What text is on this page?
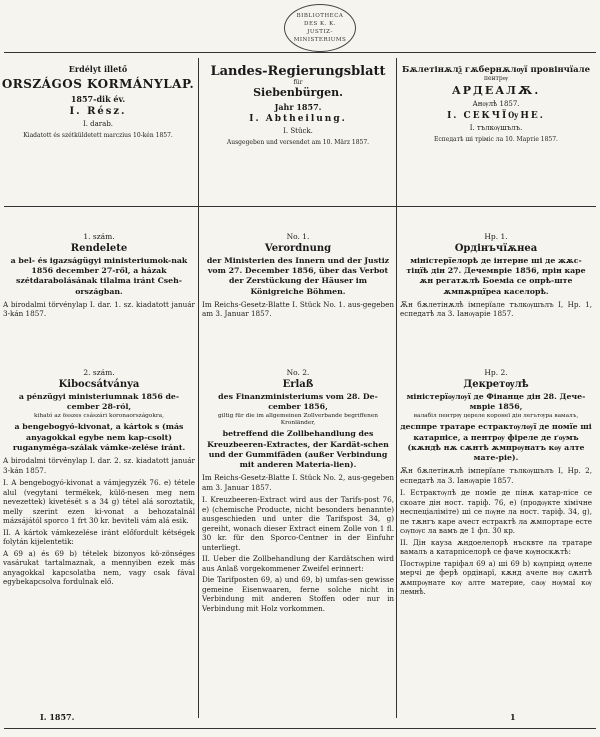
BIBLIOTHECA
DES K. K.
JUSTIZ-MINISTERIUMS
Erdélyt illető
ORSZÁGOS KORMÁNYLAP.
1857-dik év.
I. Rész.
I. darab.
Kiadatott és szétküldetett marczius 10-kén 1857.
Landes-Regierungsblatt
für
Siebenbürgen.
Jahr 1857.
I. Abtheilung.
I. Stück.
Ausgegeben und versendet am 10. März 1857.
Бѫлетінѫлѯ гѫбернѫлѹї провінчїале
пентрѹ
АРДЕАЛѪ.
Анѹлѣ 1857.
І. СЕКЧЇѸНЕ.
І. тълкѹшълъ.
Еспедатѣ ші тріміс ла 10. Мартіе 1857.
1. szám.
Rendelete
a bel- és igazságügyi ministeriumok-nak 1856 december 27-ről, a házak szétdarabolásának tilalma iránt Cseh-országban.
A birodalmi törvénylap I. dar. 1. sz. kiadatott január 3-kán 1857.
No. 1.
Verordnung
der Ministerien des Innern und der Justiz vom 27. December 1856, über das Verbot der Zerstückung der Häuser im Königreiche Böhmen.
Im Reichs-Gesetz-Blatte I. Stück No. 1. aus-gegeben am 3. Januar 1857.
Нр. 1.
Ордінъчїѫнеа
міністерїелорѣ де інтерне ші де жѫс-тіцїѣ дін 27. Дечемвріе 1856, прін каре ѫн регатѫлѣ Боеміа се опрѣ-ште ѫмпѫрцїреа каселорѣ.
Ѫн бѫлетінѫлѣ імперїале тълкѹшълъ І, Нр. 1, еспедатѣ ла 3. Іанѹаріе 1857.
2. szám.
Kibocsátványa
a pénzügyi ministeriumnak 1856 de-cember 28-ról,
kiható az összes császári koronaországokra,
a bengebogyó-kivonat, a kártok s (más anyagokkal egybe nem kap-csolt) ruganyméga-szálak vámke-zelése iránt.
A birodalmi törvénylap I. dar. 2. sz. kiadatott január 3-kán 1857.
I. A bengebogyó-kivonat a vámjegyzék 76. e) tétele alul (vegytani termékek, külö-nesen meg nem nevezettek) kivetését s a 34 g) tétel alá soroztatik, melly szerint ezen ki-vonat a behozatalnál mázsájától sporco 1 frt 30 kr. beviteli vám alá esik.
II. A kártok vámkezelése iránt előfordult kétségek folytán kijelentetik:
A 69 a) és 69 b) tételek bizonyos kö-zönséges vasárukat tartalmaznak, a mennyiben ezek más anyagokkal kapcsolatba nem, vagy csak fával egybekapcsolva fordulnak elő.
No. 2.
Erlaß
des Finanzministeriums vom 28. De-cember 1856,
giltig für die im allgemeinen Zollverbande begriffenen Kronländer,
betreffend die Zollbehandlung des Kreuzbeeren-Extractes, der Kardät-schen und der Gummifäden (außer Verbindung mit anderen Materia-lien).
Im Reichs-Gesetz-Blatte I. Stück No. 2, aus-gegeben am 3. Januar 1857.
I. Kreuzbeeren-Extract wird aus der Tarifs-post 76, e) (chemische Producte, nicht besonders benannte) ausgeschieden und unter die Tarifspost 34, g) gereiht, wonach dieser Extract einem Zolle von 1 fl. 30 kr. für den Sporco-Centner in der Einfuhr unterliegt.
II. Ueber die Zollbehandlung der Kardätschen wird aus Anlaß vorgekommener Zweifel erinnert:
Die Tarifposten 69, a) und 69, b) umfas-sen gewisse gemeine Eisenwaaren, ferne solche nicht in Verbindung mit anderen Stoffen oder nur in Verbindung mit Holz vorkommen.
Нр. 2.
Декретѹлѣ
міністерїѹлѹї де Фінанце дін 28. Дече-мвріе 1856,
валабіл пентрѹ цереле коронеї дін легътѹра вамалъ,
десппре тратаре естрактѹлѹї де помїе ші катарпісе, а пентрѹ фіреле де ґѹмъ (кѫндѣ нѫ сѫнтѣ ѫмпрѹнатъ кѹ алте мате-ріе).
Ѫн бѫлетінѫлѣ імперїале тълкѹшълъ І, Нр. 2, еспедатѣ ла 3. Іанѹаріе 1857.
І. Естрактѹлѣ де помїе де пінѫ катар-пісе се скоате дін ност. таріф. 76, е) (продѹкте хімічне неспеціаліміте) ші се пѹне ла ност. таріф. 34, g), пе тѫнгъ каре ачест естрактѣ ла ѫмпортаре есте сѹпѹс ла вамъ де 1 фл. 30 кр.
ІІ. Дін кауза ѫндоелелорѣ нъсквте ла тратаре вамалъ а катарпіселорѣ се фаче кѹноскѫтѣ:
Постѹріле таріфал 69 а) ші 69 b) кѹпрінд ѹнеле мерчі де ферѣ ордінарї, кѫнд ачеле нѹ сѫнтѣ ѫмпрѹнате кѹ алте материе, саѹ нѹмаї кѹ лемнѣ.
I. 1857.	1
